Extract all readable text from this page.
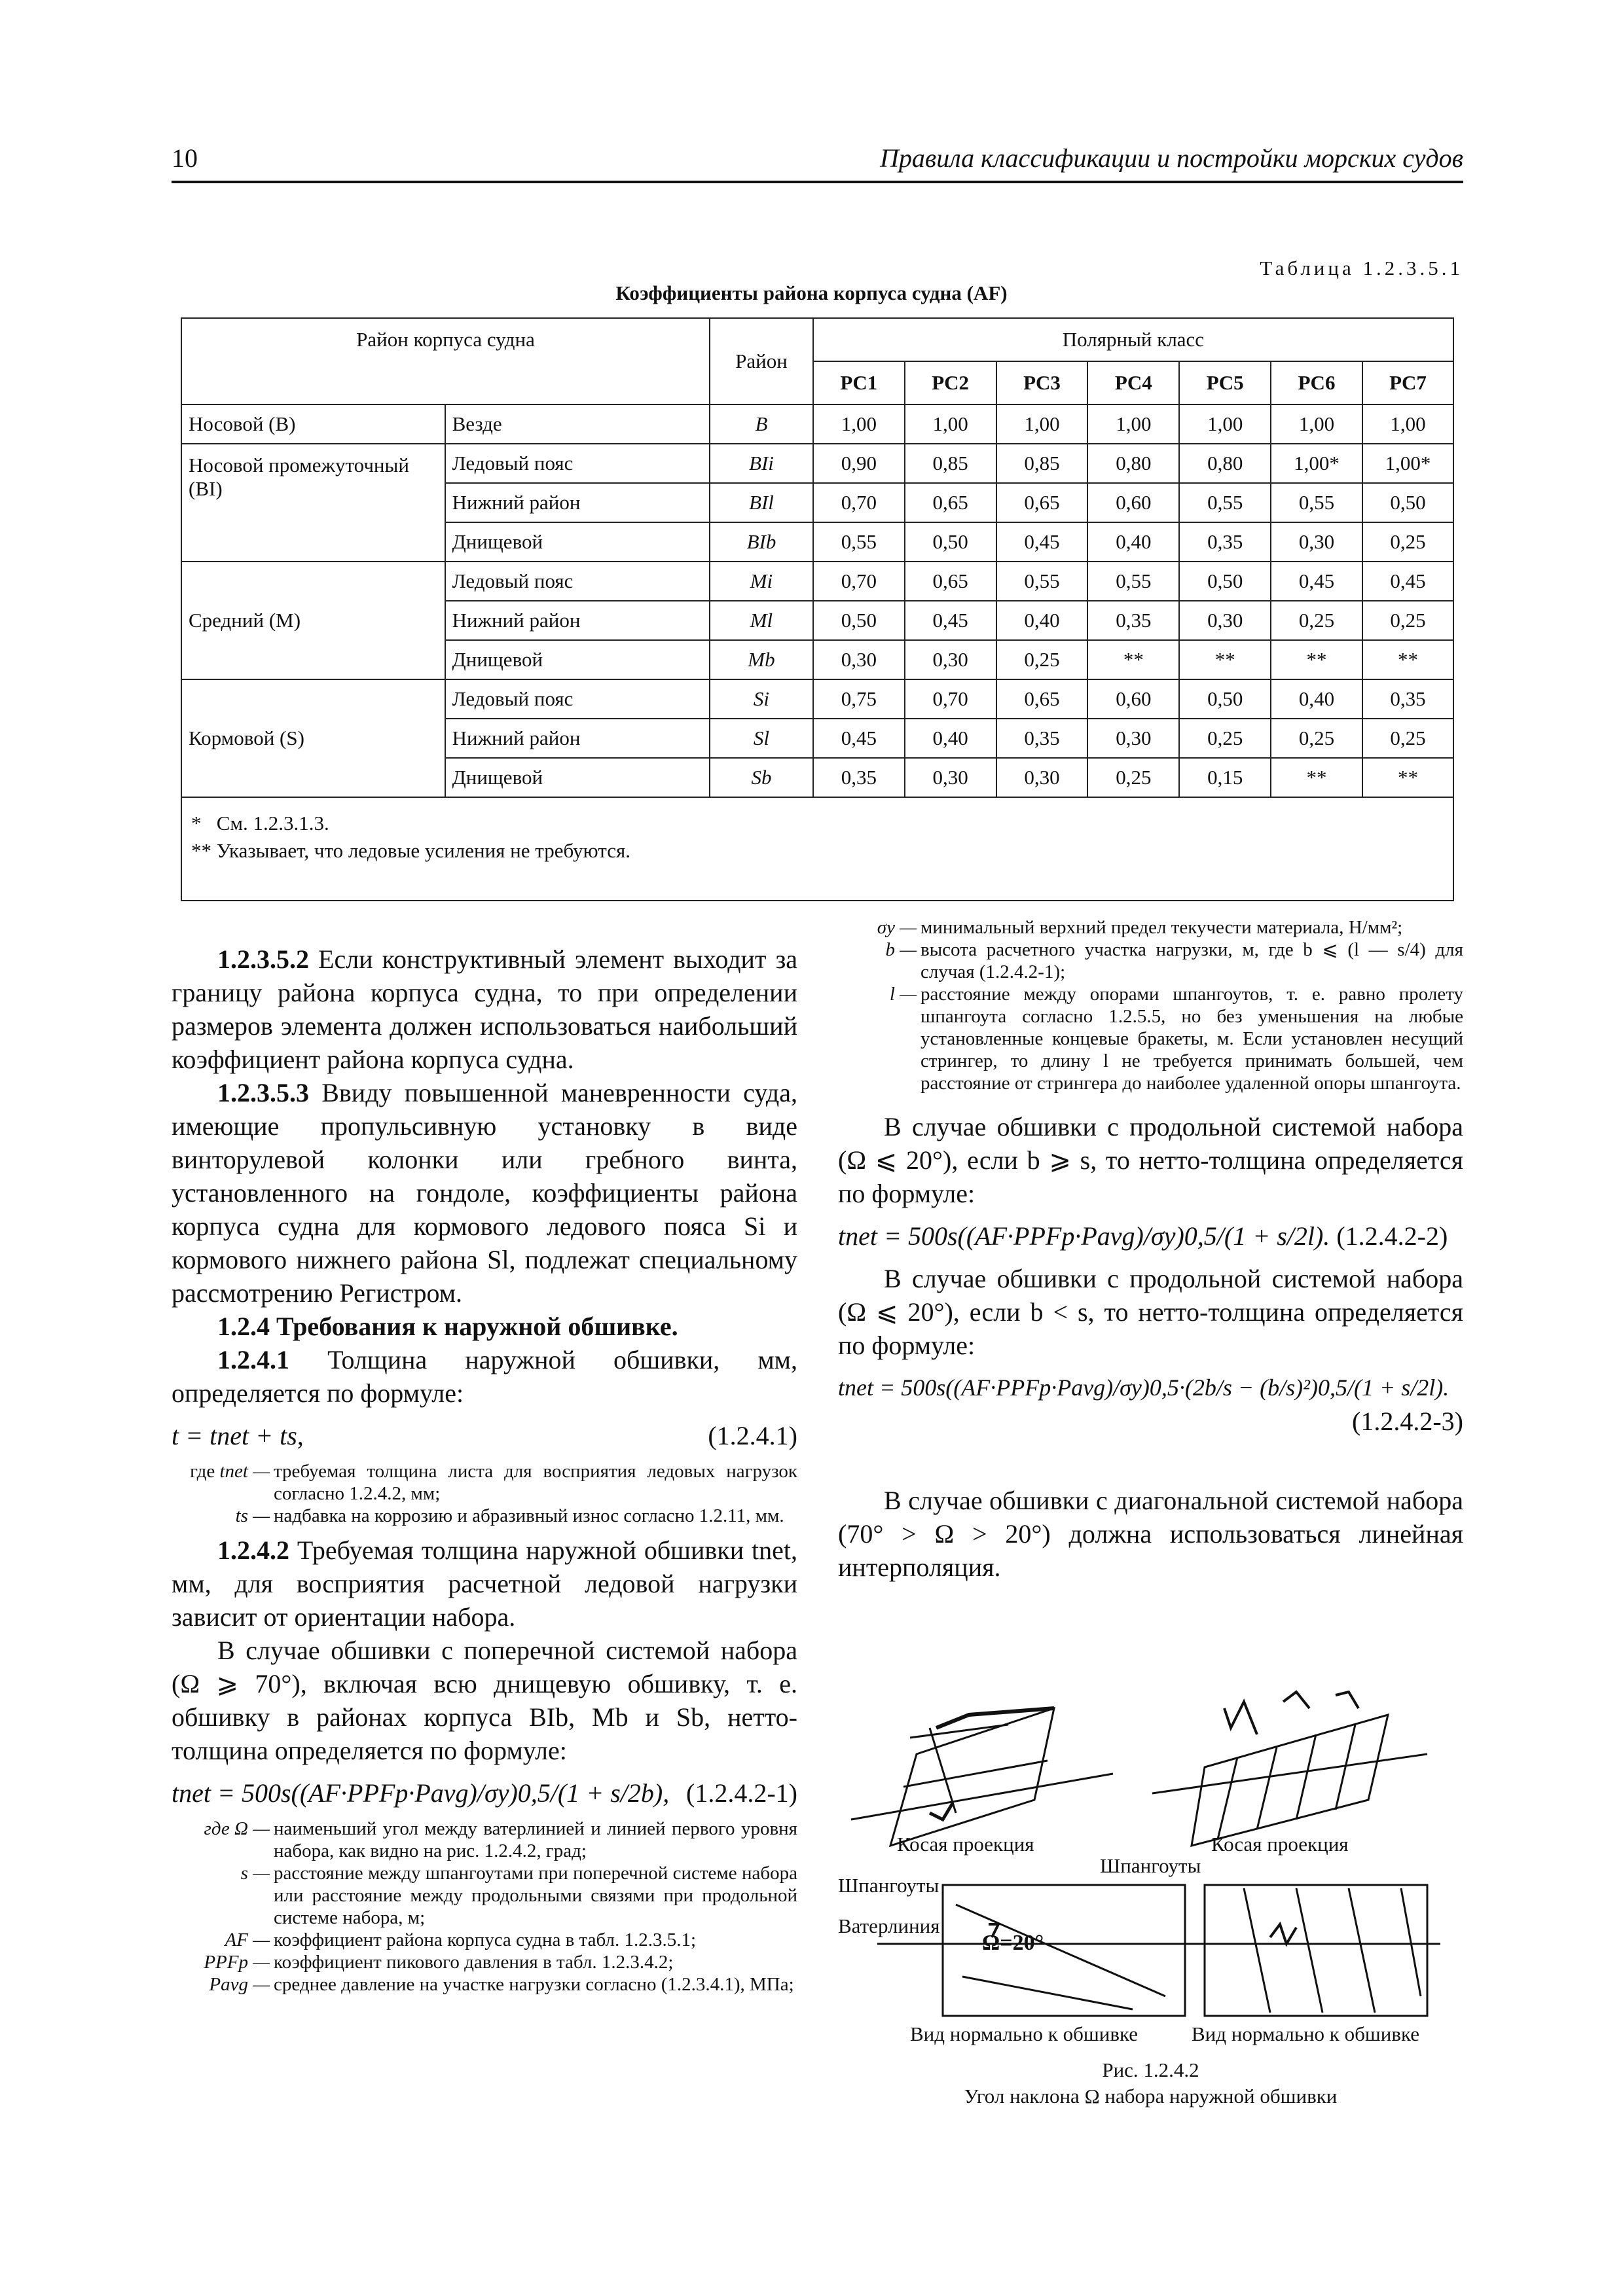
10	Правила классификации и постройки морских судов
Таблица 1.2.3.5.1
Коэффициенты района корпуса судна (AF)
Район корпуса судна		Район	Полярный класс						
			PC1	PC2	PC3	PC4	PC5	PC6	PC7
Носовой (B)	Везде	B	1,00	1,00	1,00	1,00	1,00	1,00	1,00
Носовой промежуточный (BI)	Ледовый пояс	BIi	0,90	0,85	0,85	0,80	0,80	1,00*	1,00*
	Нижний район	BIl	0,70	0,65	0,65	0,60	0,55	0,55	0,50
	Днищевой	BIb	0,55	0,50	0,45	0,40	0,35	0,30	0,25
Средний (M)	Ледовый пояс	Mi	0,70	0,65	0,55	0,55	0,50	0,45	0,45
	Нижний район	Ml	0,50	0,45	0,40	0,35	0,30	0,25	0,25
	Днищевой	Mb	0,30	0,30	0,25	**	**	**	**
Кормовой (S)	Ледовый пояс	Si	0,75	0,70	0,65	0,60	0,50	0,40	0,35
	Нижний район	Sl	0,45	0,40	0,35	0,30	0,25	0,25	0,25
	Днищевой	Sb	0,35	0,30	0,30	0,25	0,15	**	**

*   См. 1.2.3.1.3.
** Указывает, что ледовые усиления не требуются.									

1.2.3.5.2 Если конструктивный элемент выходит за границу района корпуса судна, то при определении размеров элемента должен использоваться наибольший коэффициент района корпуса судна.

1.2.3.5.3 Ввиду повышенной маневренности суда, имеющие пропульсивную установку в виде винторулевой колонки или гребного винта, установленного на гондоле, коэффициенты района корпуса судна для кормового ледового пояса Si и кормового нижнего района Sl, подлежат специальному рассмотрению Регистром.

1.2.4 Требования к наружной обшивке.

1.2.4.1 Толщина наружной обшивки, мм, определяется по формуле:

t = tnet + ts,	(1.2.4.1)
где tnet —	требуемая толщина листа для восприятия ледовых нагрузок согласно 1.2.4.2, мм;
ts —	надбавка на коррозию и абразивный износ согласно 1.2.11, мм.

1.2.4.2 Требуемая толщина наружной обшивки tnet, мм, для восприятия расчетной ледовой нагрузки зависит от ориентации набора.

В случае обшивки с поперечной системой набора (Ω ⩾ 70°), включая всю днищевую обшивку, т. е. обшивку в районах корпуса BIb, Mb и Sb, нетто-толщина определяется по формуле:

tnet = 500s((AF·PPFp·Pavg)/σy)0,5/(1 + s/2b), (1.2.4.2-1)
где Ω —	наименьший угол между ватерлинией и линией первого уровня набора, как видно на рис. 1.2.4.2, град;
s —	расстояние между шпангоутами при поперечной системе набора или расстояние между продольными связями при продольной системе набора, м;
AF —	коэффициент района корпуса судна в табл. 1.2.3.5.1;
PPFp —	коэффициент пикового давления в табл. 1.2.3.4.2;
Pavg —	среднее давление на участке нагрузки согласно (1.2.3.4.1), МПа;
σy —	минимальный верхний предел текучести материала, Н/мм²;
b —	высота расчетного участка нагрузки, м, где b ⩽ (l — s/4) для случая (1.2.4.2-1);
l —	расстояние между опорами шпангоутов, т. е. равно пролету шпангоута согласно 1.2.5.5, но без уменьшения на любые установленные концевые бракеты, м. Если установлен несущий стрингер, то длину l не требуется принимать большей, чем расстояние от стрингера до наиболее удаленной опоры шпангоута.

В случае обшивки с продольной системой набора (Ω ⩽ 20°), если b ⩾ s, то нетто-толщина определяется по формуле:

tnet = 500s((AF·PPFp·Pavg)/σy)0,5/(1 + s/2l). (1.2.4.2-2)

В случае обшивки с продольной системой набора (Ω ⩽ 20°), если b < s, то нетто-толщина определяется по формуле:

tnet = 500s((AF·PPFp·Pavg)/σy)0,5·(2b/s − (b/s)²)0,5/(1 + s/2l).
(1.2.4.2-3)

В случае обшивки с диагональной системой набора (70° > Ω > 20°) должна использоваться линейная интерполяция.

Косая проекция	Косая проекция
Шпангоуты
Шпангоуты
Ватерлиния
Ω=20°
Вид нормально к обшивке	Вид нормально к обшивке
Рис. 1.2.4.2
Угол наклона Ω набора наружной обшивки
